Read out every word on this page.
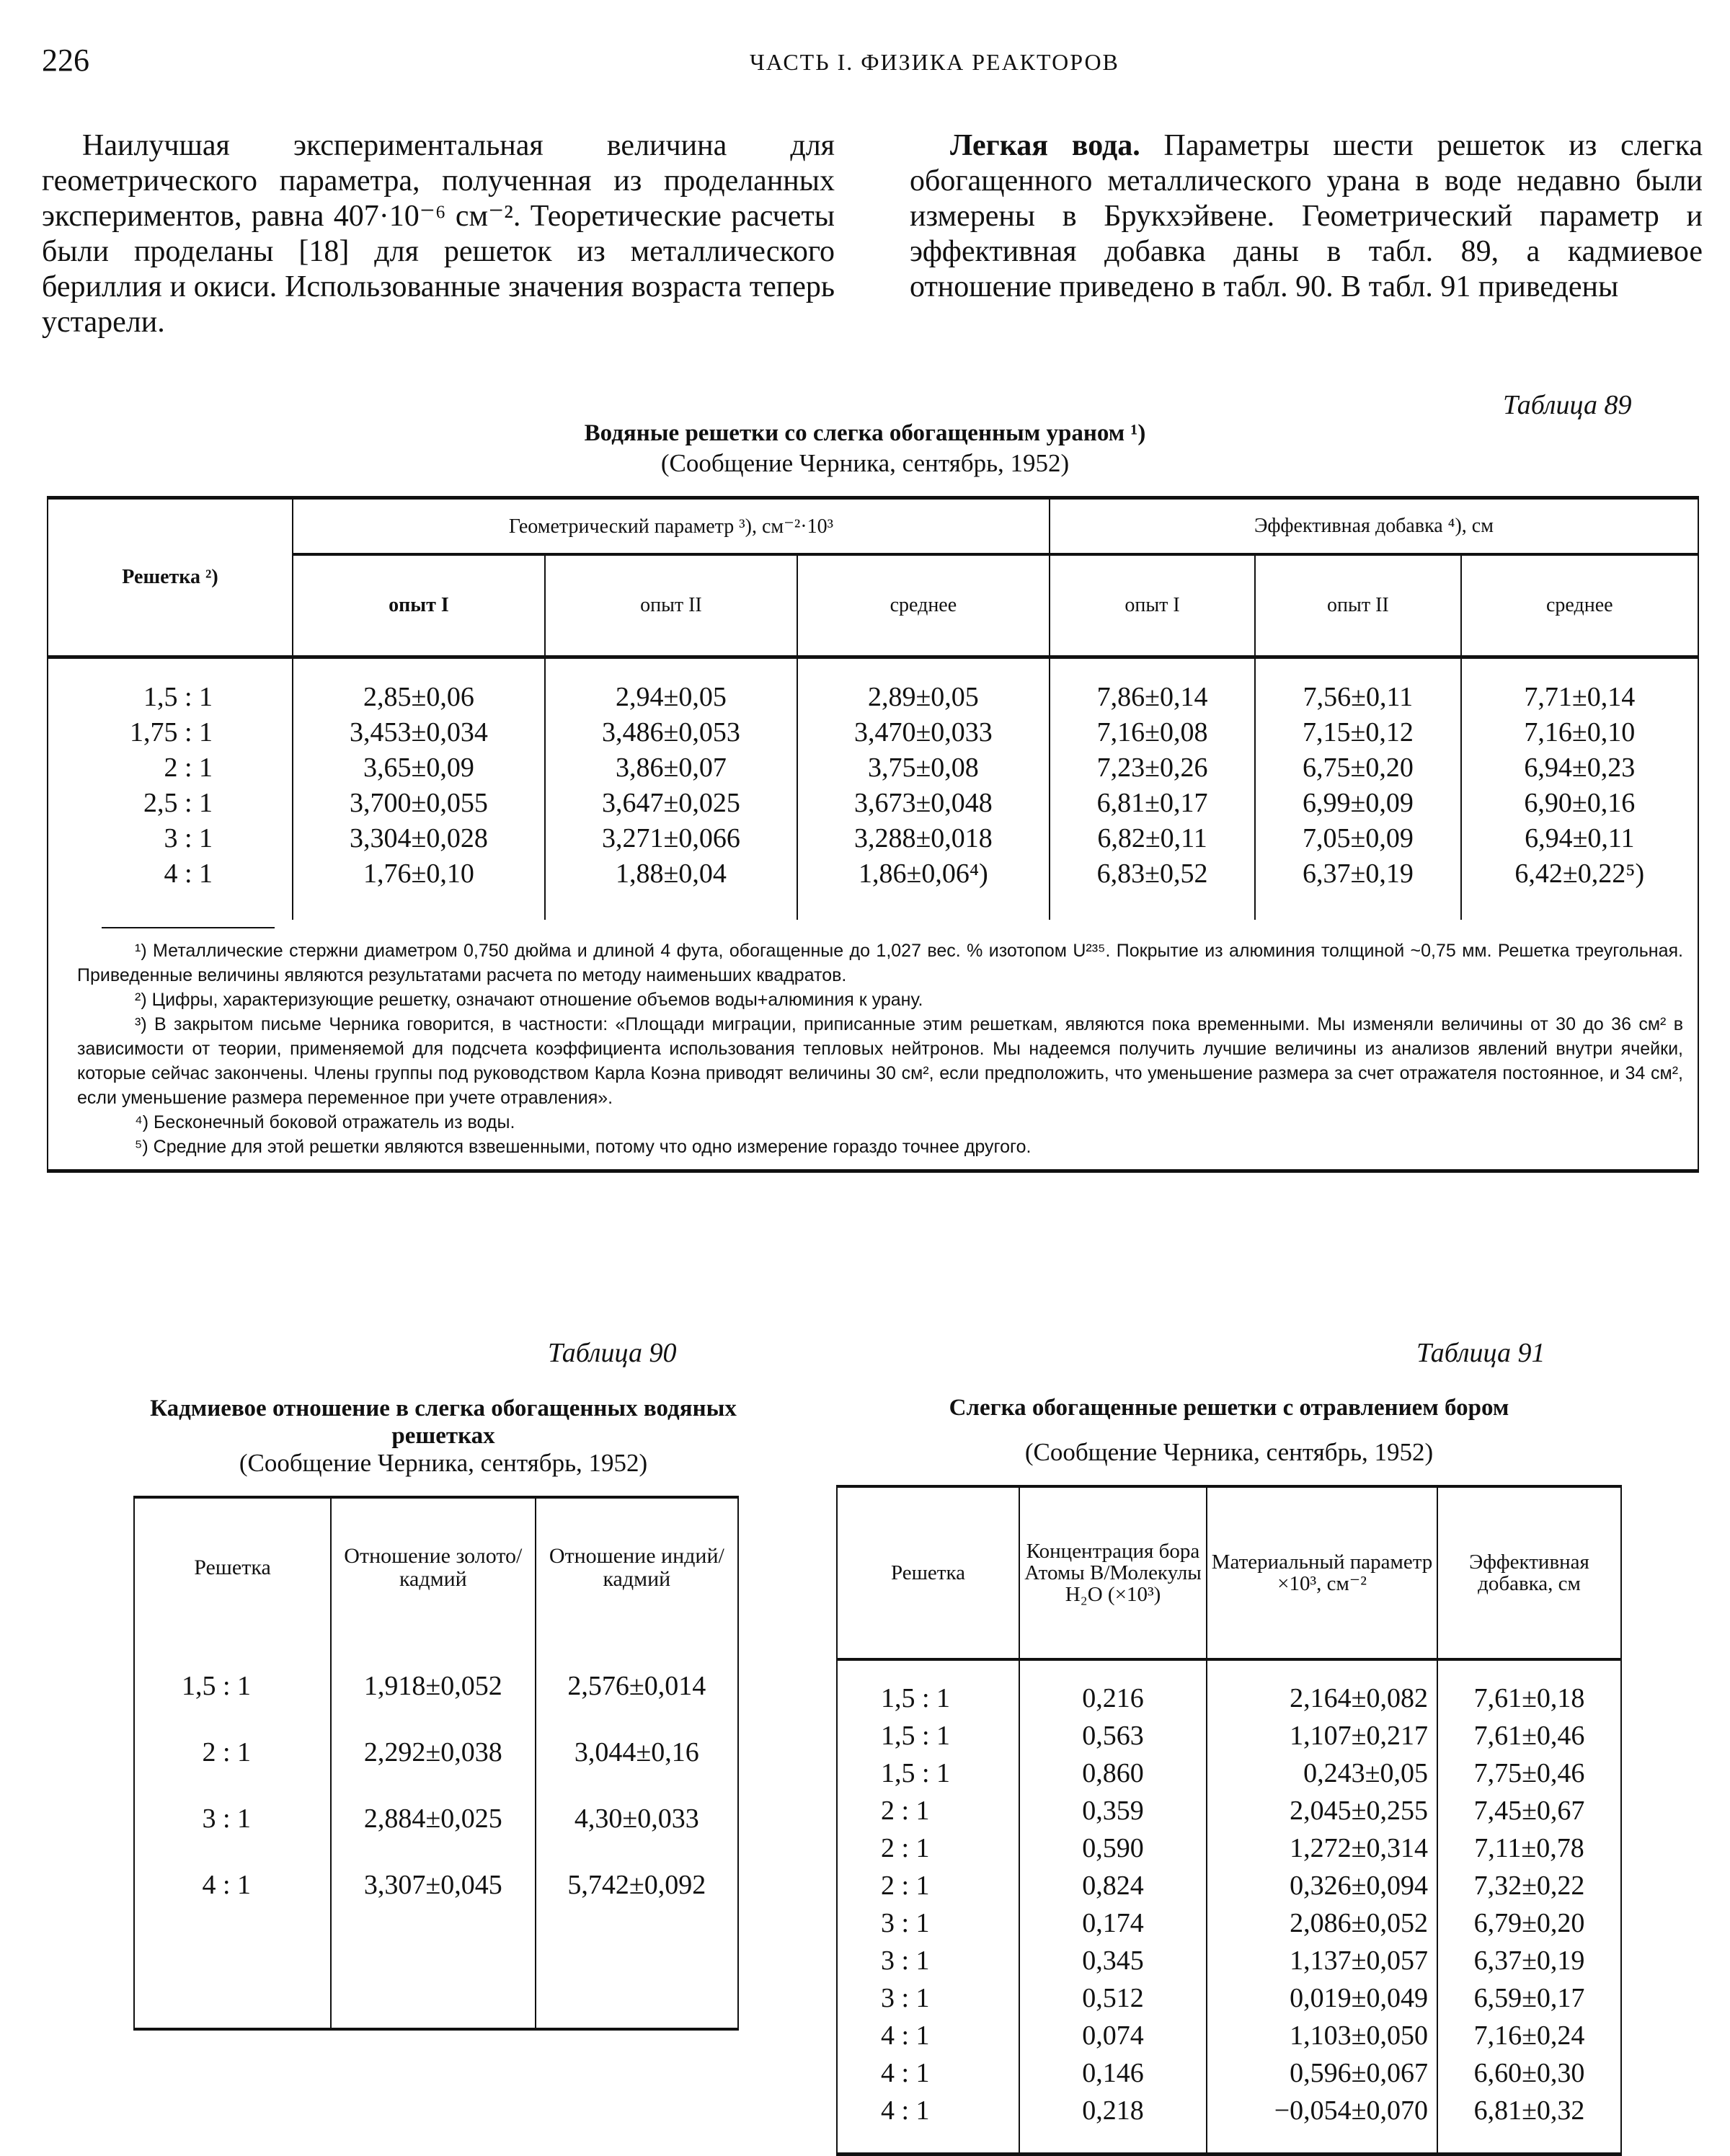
226	ЧАСТЬ I. ФИЗИКА РЕАКТОРОВ

Наилучшая экспериментальная величина для геометрического параметра, полученная из проделанных экспериментов, равна 407·10⁻⁶ см⁻². Теоретические расчеты были проделаны [18] для решеток из металлического бериллия и окиси. Использованные значения возраста теперь устарели.

Легкая вода. Параметры шести решеток из слегка обогащенного металлического урана в воде недавно были измерены в Брукхэйвене. Геометрический параметр и эффективная добавка даны в табл. 89, а кадмиевое отношение приведено в табл. 90. В табл. 91 приведены

Таблица 89
Водяные решетки со слегка обогащенным ураном ¹)
(Сообщение Черника, сентябрь, 1952)
Решетка ²)	Геометрический параметр ³), см⁻²·10³			Эффективная добавка ⁴), см		
	опыт I	опыт II	среднее	опыт I	опыт II	среднее

1,5 : 1	2,85±0,06	2,94±0,05	2,89±0,05	7,86±0,14	7,56±0,11	7,71±0,14
1,75 : 1	3,453±0,034	3,486±0,053	3,470±0,033	7,16±0,08	7,15±0,12	7,16±0,10
2 : 1	3,65±0,09	3,86±0,07	3,75±0,08	7,23±0,26	6,75±0,20	6,94±0,23
2,5 : 1	3,700±0,055	3,647±0,025	3,673±0,048	6,81±0,17	6,99±0,09	6,90±0,16
3 : 1	3,304±0,028	3,271±0,066	3,288±0,018	6,82±0,11	7,05±0,09	6,94±0,11
4 : 1	1,76±0,10	1,88±0,04	1,86±0,06⁴)	6,83±0,52	6,37±0,19	6,42±0,22⁵)

¹) Металлические стержни диаметром 0,750 дюйма и длиной 4 фута, обогащенные до 1,027 вес. % изотопом U²³⁵. Покрытие из алюминия толщиной ~0,75 мм. Решетка треугольная. Приведенные величины являются результатами расчета по методу наименьших квадратов.

²) Цифры, характеризующие решетку, означают отношение объемов воды+алюминия к урану.

³) В закрытом письме Черника говорится, в частности: «Площади миграции, приписанные этим решеткам, являются пока временными. Мы изменяли величины от 30 до 36 см² в зависимости от теории, применяемой для подсчета коэффициента использования тепловых нейтронов. Мы надеемся получить лучшие величины из анализов явлений внутри ячейки, которые сейчас закончены. Члены группы под руководством Карла Коэна приводят величины 30 см², если предположить, что уменьшение размера за счет отражателя постоянное, и 34 см², если уменьшение размера переменное при учете отравления».

⁴) Бесконечный боковой отражатель из воды.

⁵) Средние для этой решетки являются взвешенными, потому что одно измерение гораздо точнее другого.

Таблица 90
Кадмиевое отношение в слегка обогащенных водяных решетках
(Сообщение Черника, сентябрь, 1952)
Решетка	Отношение золото/кадмий	Отношение индий/кадмий

1,5 : 1	1,918±0,052	2,576±0,014
2 : 1	2,292±0,038	3,044±0,16
3 : 1	2,884±0,025	4,30±0,033
4 : 1	3,307±0,045	5,742±0,092

Таблица 91
Слегка обогащенные решетки с отравлением бором
(Сообщение Черника, сентябрь, 1952)
Решетка	Концентрация бора Атомы B/Молекулы H₂O (×10³)	Материальный параметр ×10³, см⁻²	Эффективная добавка, см

1,5 : 1	0,216	2,164±0,082	7,61±0,18
1,5 : 1	0,563	1,107±0,217	7,61±0,46
1,5 : 1	0,860	0,243±0,05	7,75±0,46
2 : 1	0,359	2,045±0,255	7,45±0,67
2 : 1	0,590	1,272±0,314	7,11±0,78
2 : 1	0,824	0,326±0,094	7,32±0,22
3 : 1	0,174	2,086±0,052	6,79±0,20
3 : 1	0,345	1,137±0,057	6,37±0,19
3 : 1	0,512	0,019±0,049	6,59±0,17
4 : 1	0,074	1,103±0,050	7,16±0,24
4 : 1	0,146	0,596±0,067	6,60±0,30
4 : 1	0,218	−0,054±0,070	6,81±0,32
